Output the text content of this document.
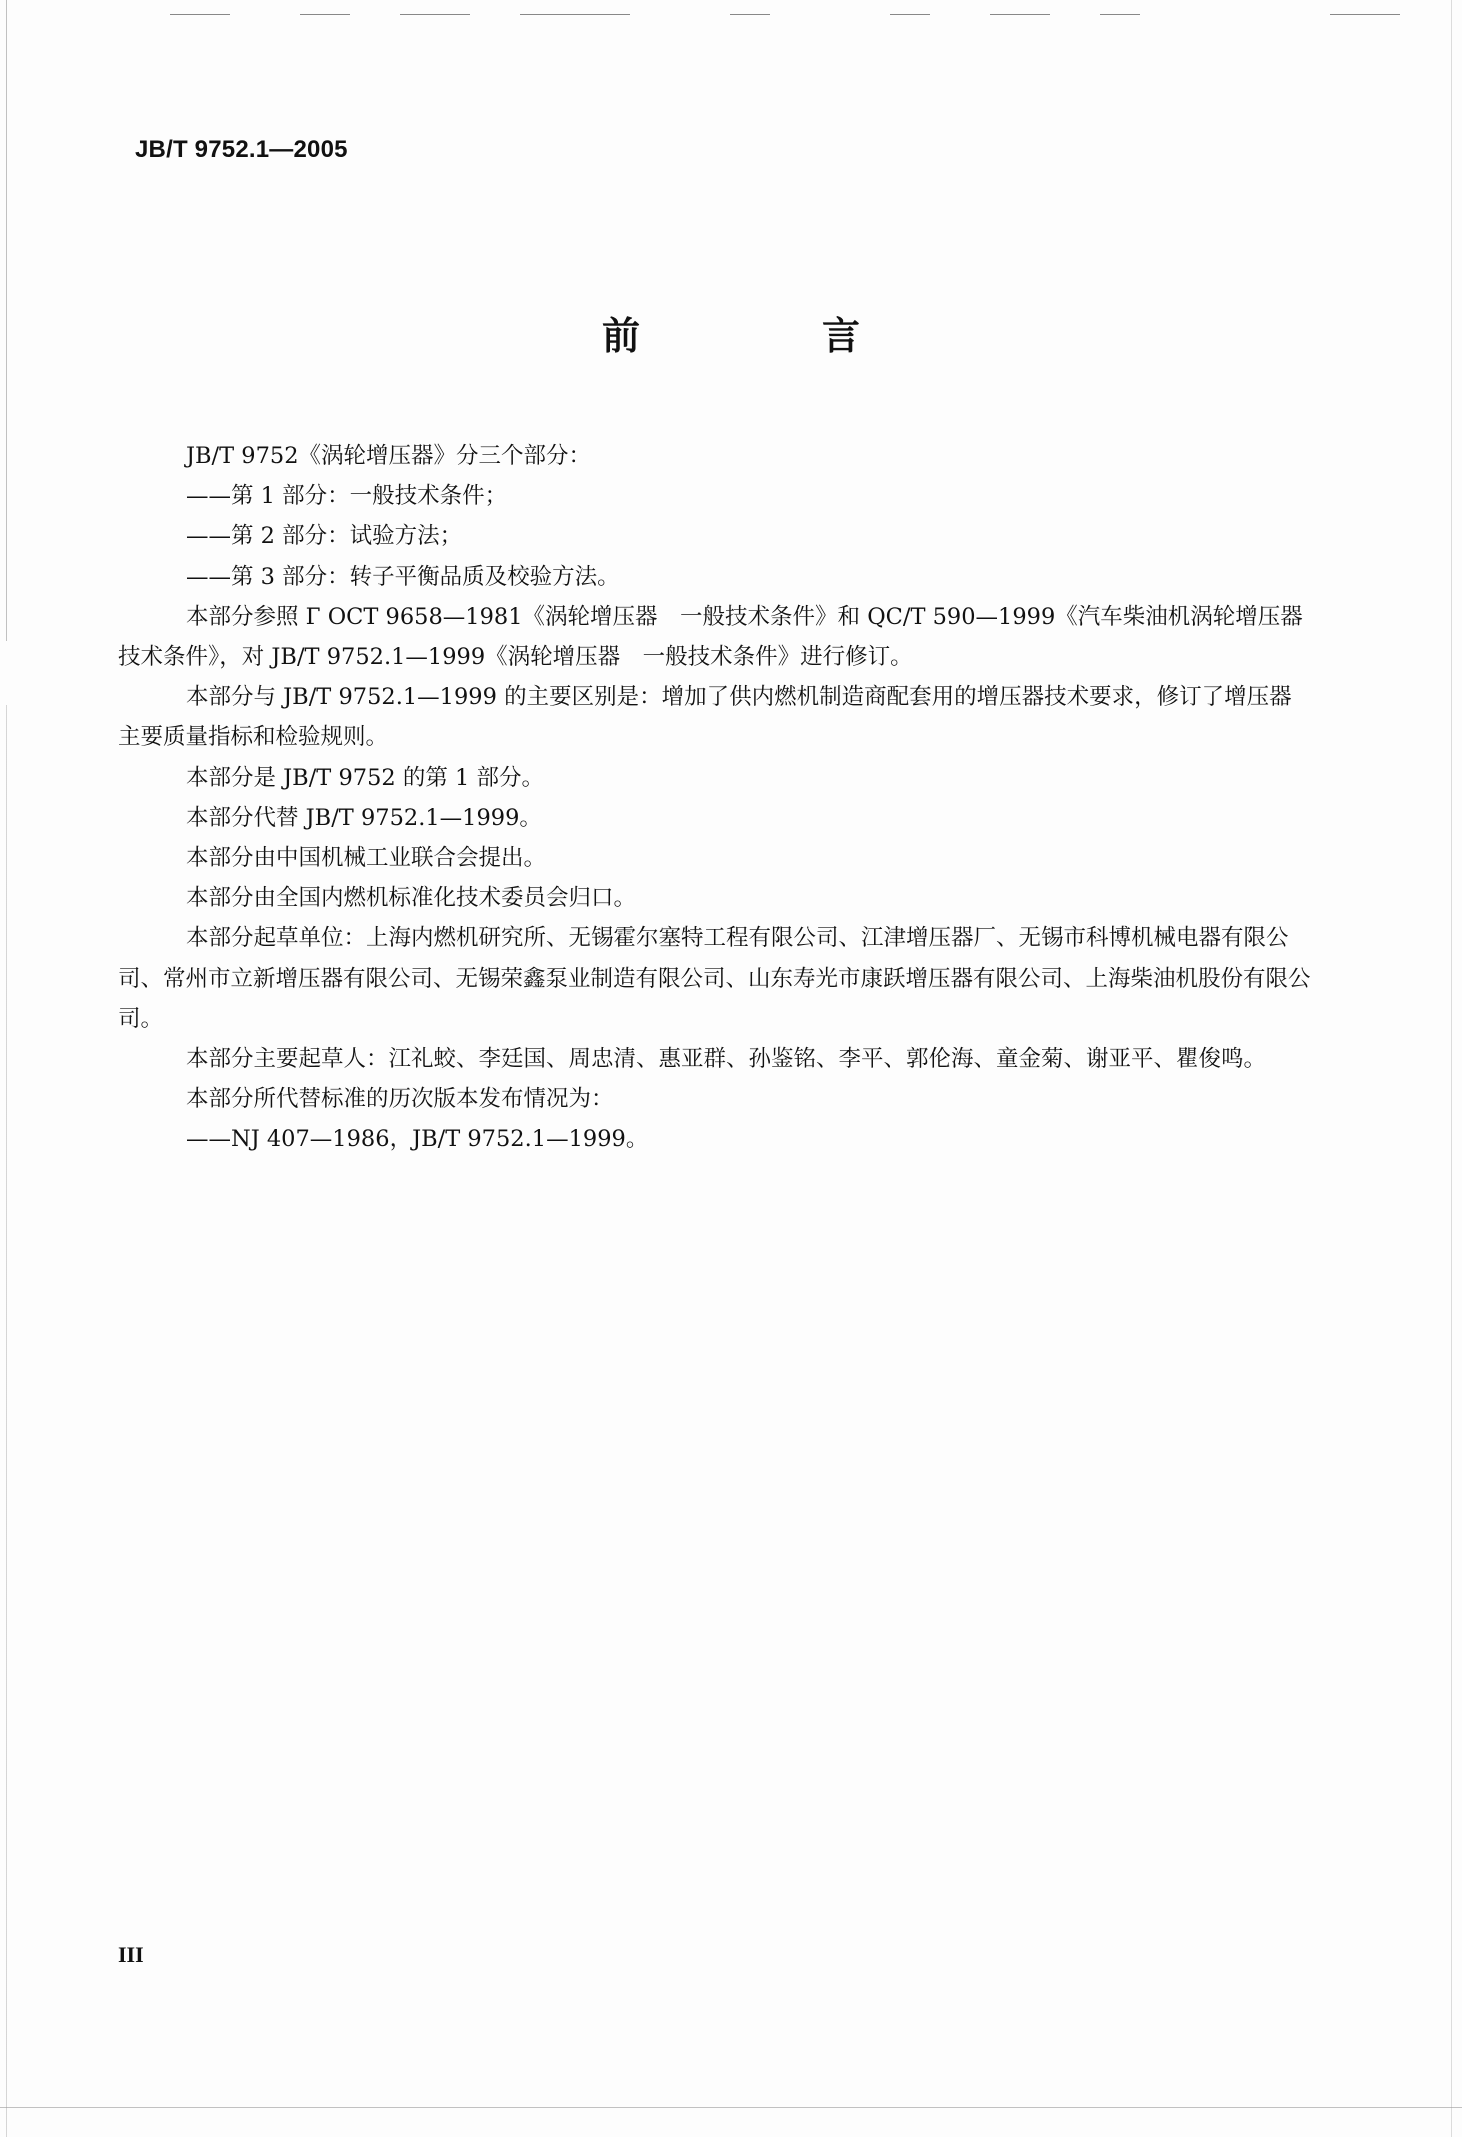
JB/T 9752.1—2005
前　言

JB/T 9752《涡轮增压器》分三个部分：

——第 1 部分：一般技术条件；

——第 2 部分：试验方法；

——第 3 部分：转子平衡品质及校验方法。

本部分参照 Г OCT 9658—1981《涡轮增压器　一般技术条件》和 QC/T 590—1999《汽车柴油机涡轮增压器　技术条件》，对 JB/T 9752.1—1999《涡轮增压器　一般技术条件》进行修订。

本部分与 JB/T 9752.1—1999 的主要区别是：增加了供内燃机制造商配套用的增压器技术要求，修订了增压器主要质量指标和检验规则。

本部分是 JB/T 9752 的第 1 部分。

本部分代替 JB/T 9752.1—1999。

本部分由中国机械工业联合会提出。

本部分由全国内燃机标准化技术委员会归口。

本部分起草单位：上海内燃机研究所、无锡霍尔塞特工程有限公司、江津增压器厂、无锡市科博机械电器有限公司、常州市立新增压器有限公司、无锡荣鑫泵业制造有限公司、山东寿光市康跃增压器有限公司、上海柴油机股份有限公司。

本部分主要起草人：江礼蛟、李廷国、周忠清、惠亚群、孙鉴铭、李平、郭伦海、童金菊、谢亚平、瞿俊鸣。

本部分所代替标准的历次版本发布情况为：

——NJ 407—1986，JB/T 9752.1—1999。

III
